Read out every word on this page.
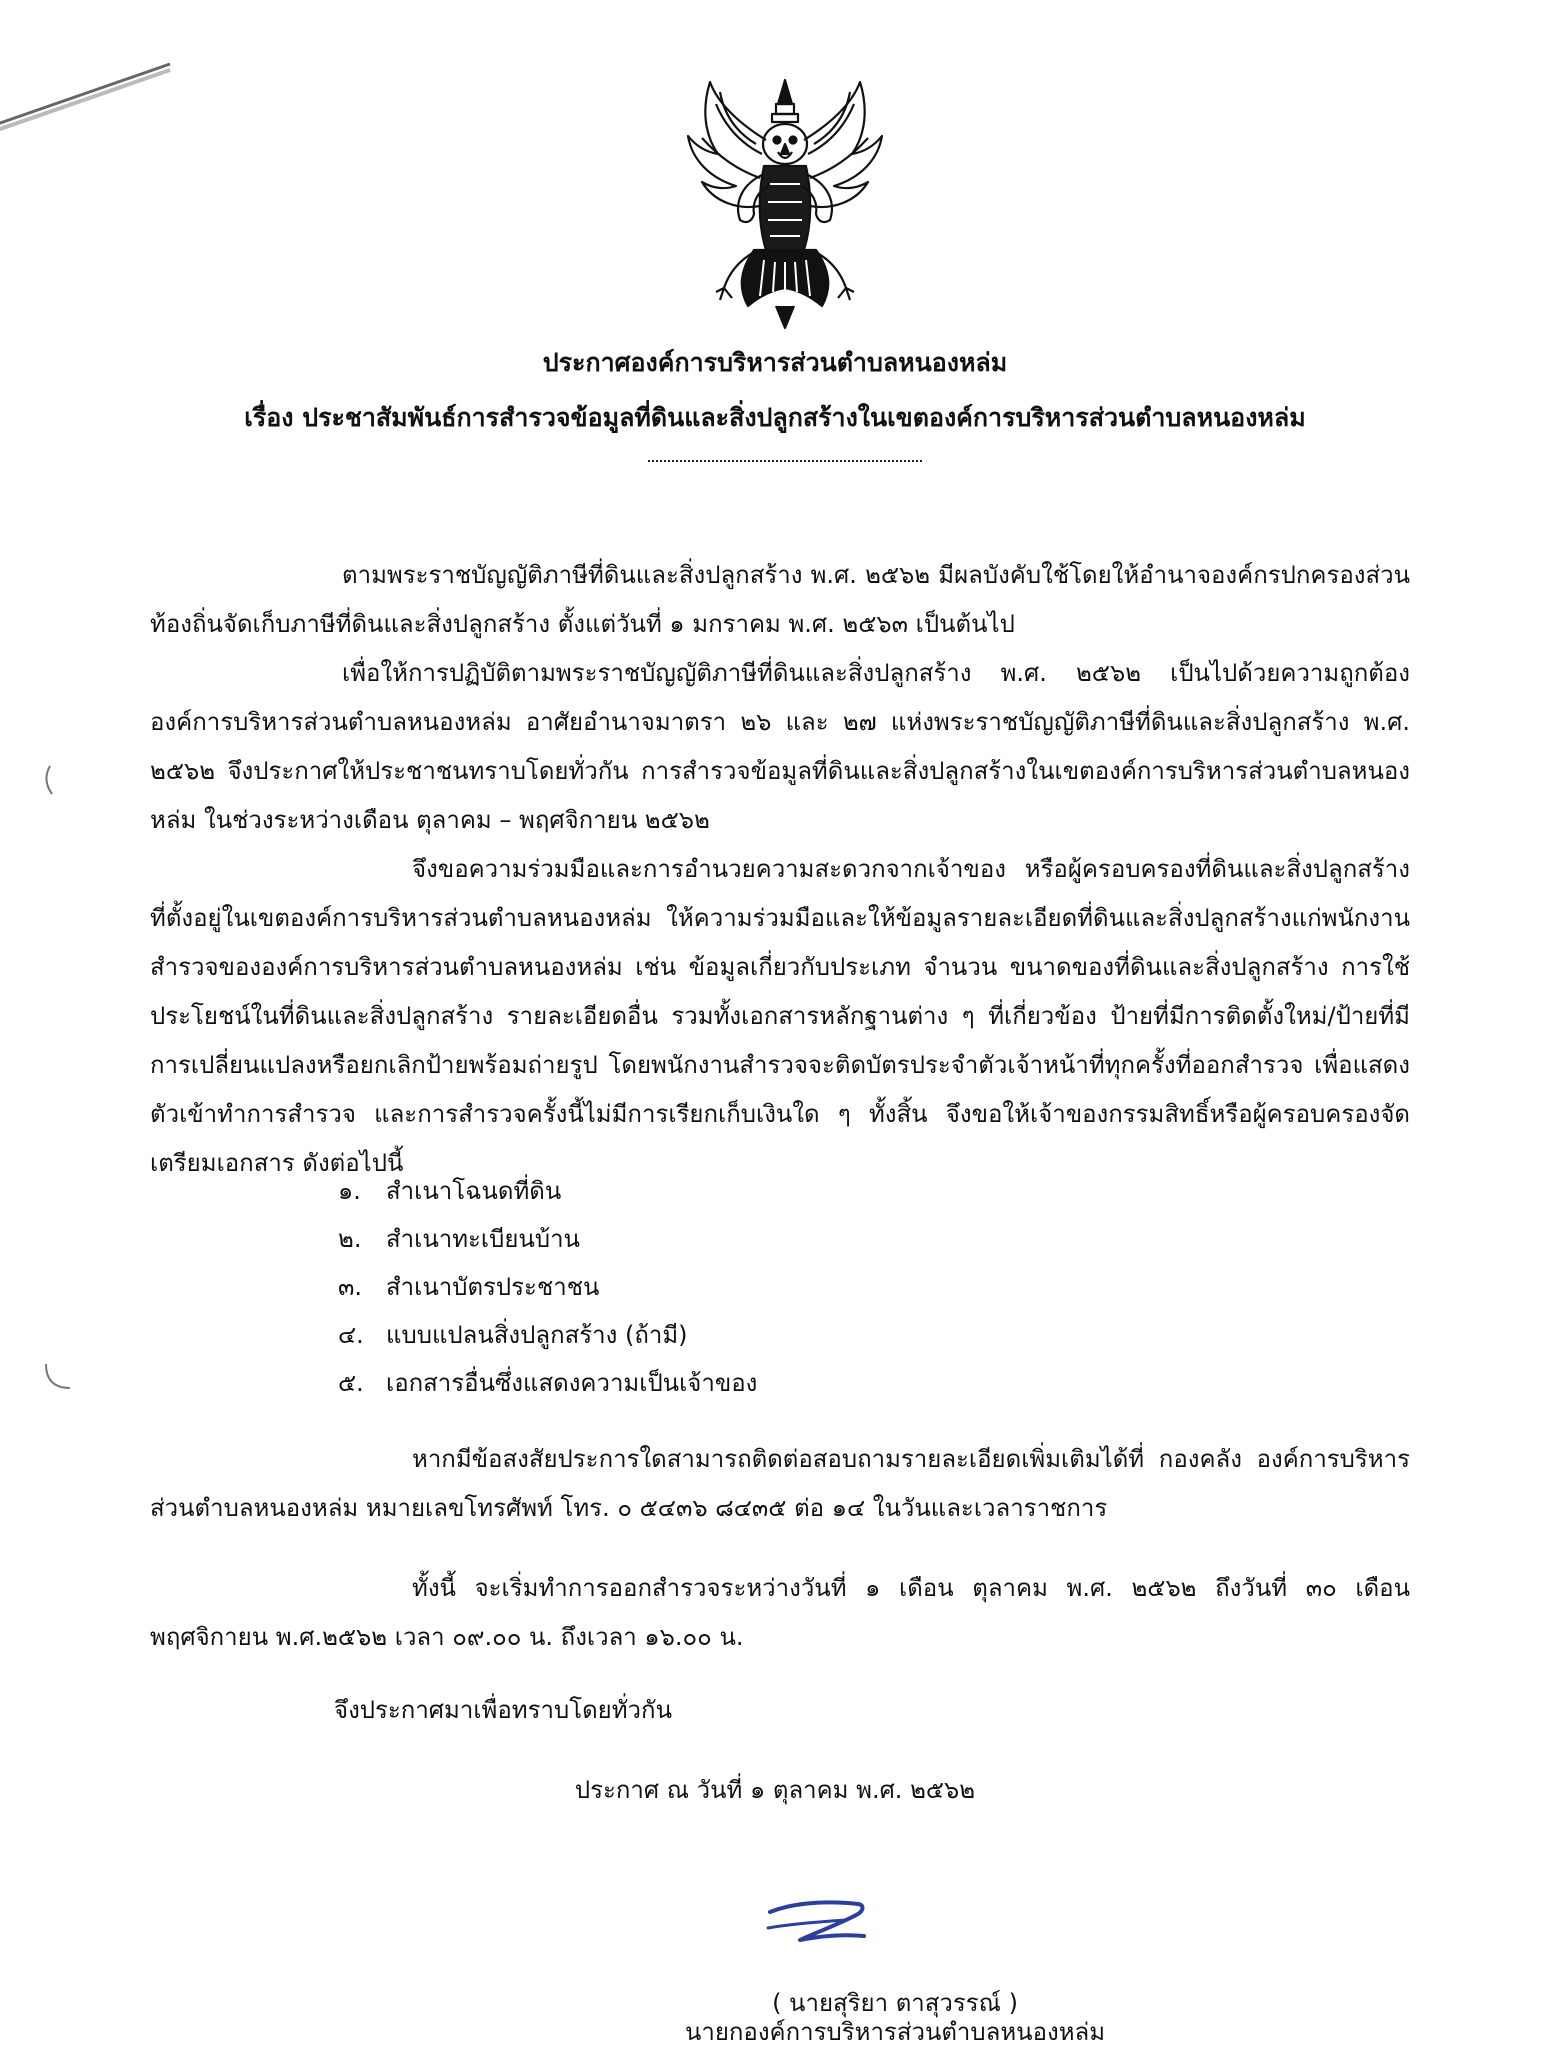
ประกาศองค์การบริหารส่วนตำบลหนองหล่ม
เรื่อง ประชาสัมพันธ์การสำรวจข้อมูลที่ดินและสิ่งปลูกสร้างในเขตองค์การบริหารส่วนตำบลหนองหล่ม

ตามพระราชบัญญัติภาษีที่ดินและสิ่งปลูกสร้าง พ.ศ. ๒๕๖๒ มีผลบังคับใช้โดยให้อำนาจองค์กรปกครองส่วนท้องถิ่นจัดเก็บภาษีที่ดินและสิ่งปลูกสร้าง ตั้งแต่วันที่ ๑ มกราคม พ.ศ. ๒๕๖๓ เป็นต้นไป

เพื่อให้การปฏิบัติตามพระราชบัญญัติภาษีที่ดินและสิ่งปลูกสร้าง พ.ศ. ๒๕๖๒ เป็นไปด้วยความถูกต้อง องค์การบริหารส่วนตำบลหนองหล่ม อาศัยอำนาจมาตรา ๒๖ และ ๒๗ แห่งพระราชบัญญัติภาษีที่ดินและสิ่งปลูกสร้าง พ.ศ. ๒๕๖๒ จึงประกาศให้ประชาชนทราบโดยทั่วกัน การสำรวจข้อมูลที่ดินและสิ่งปลูกสร้างในเขตองค์การบริหารส่วนตำบลหนองหล่ม ในช่วงระหว่างเดือน ตุลาคม – พฤศจิกายน ๒๕๖๒

จึงขอความร่วมมือและการอำนวยความสะดวกจากเจ้าของ หรือผู้ครอบครองที่ดินและสิ่งปลูกสร้าง ที่ตั้งอยู่ในเขตองค์การบริหารส่วนตำบลหนองหล่ม ให้ความร่วมมือและให้ข้อมูลรายละเอียดที่ดินและสิ่งปลูกสร้างแก่พนักงานสำรวจขององค์การบริหารส่วนตำบลหนองหล่ม เช่น ข้อมูลเกี่ยวกับประเภท จำนวน ขนาดของที่ดินและสิ่งปลูกสร้าง การใช้ประโยชน์ในที่ดินและสิ่งปลูกสร้าง รายละเอียดอื่น รวมทั้งเอกสารหลักฐานต่าง ๆ ที่เกี่ยวข้อง ป้ายที่มีการติดตั้งใหม่/ป้ายที่มีการเปลี่ยนแปลงหรือยกเลิกป้ายพร้อมถ่ายรูป โดยพนักงานสำรวจจะติดบัตรประจำตัวเจ้าหน้าที่ทุกครั้งที่ออกสำรวจ เพื่อแสดงตัวเข้าทำการสำรวจ และการสำรวจครั้งนี้ไม่มีการเรียกเก็บเงินใด ๆ ทั้งสิ้น จึงขอให้เจ้าของกรรมสิทธิ์หรือผู้ครอบครองจัดเตรียมเอกสาร ดังต่อไปนี้

๑.	สำเนาโฉนดที่ดิน
๒.	สำเนาทะเบียนบ้าน
๓. สำเนาบัตรประชาชน
๔. แบบแปลนสิ่งปลูกสร้าง (ถ้ามี)
๕. เอกสารอื่นซึ่งแสดงความเป็นเจ้าของ

หากมีข้อสงสัยประการใดสามารถติดต่อสอบถามรายละเอียดเพิ่มเติมได้ที่ กองคลัง องค์การบริหารส่วนตำบลหนองหล่ม หมายเลขโทรศัพท์ โทร. ๐ ๕๔๓๖ ๘๔๓๕ ต่อ ๑๔ ในวันและเวลาราชการ

ทั้งนี้ จะเริ่มทำการออกสำรวจระหว่างวันที่ ๑ เดือน ตุลาคม พ.ศ. ๒๕๖๒ ถึงวันที่ ๓๐ เดือน พฤศจิกายน พ.ศ.๒๕๖๒ เวลา ๐๙.๐๐ น. ถึงเวลา ๑๖.๐๐ น.

จึงประกาศมาเพื่อทราบโดยทั่วกัน
ประกาศ ณ วันที่ ๑ ตุลาคม พ.ศ. ๒๕๖๒
( นายสุริยา ตาสุวรรณ์ )
นายกองค์การบริหารส่วนตำบลหนองหล่ม
